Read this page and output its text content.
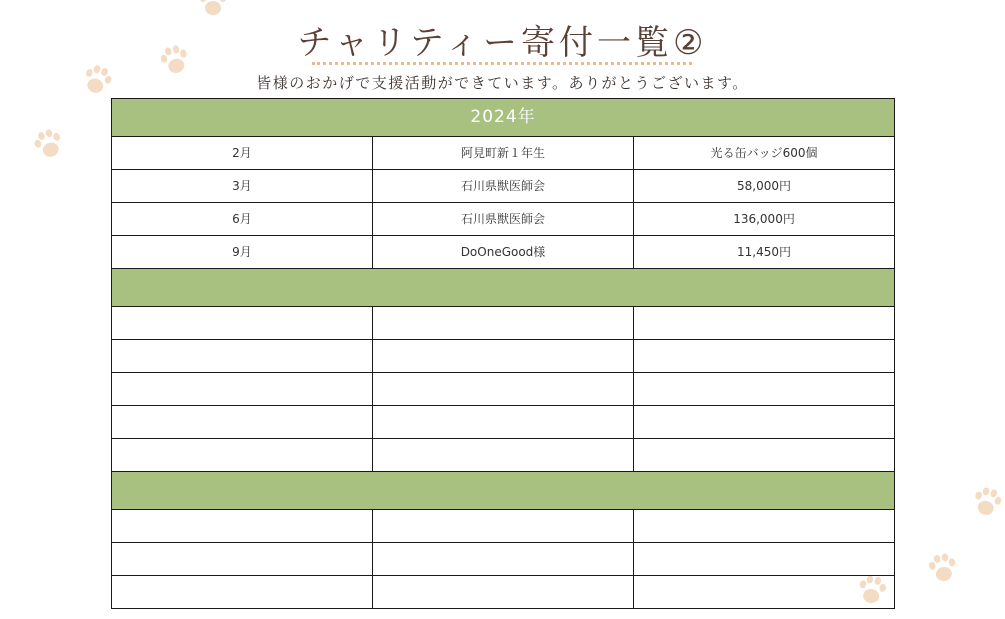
チャリティー寄付一覧②
皆様のおかげで支援活動ができています。ありがとうございます。
2024年		
2月	阿見町新１年生	光る缶バッジ600個
3月	石川県獣医師会	58,000円
6月	石川県獣医師会	136,000円
9月	DoOneGood様	11,450円
